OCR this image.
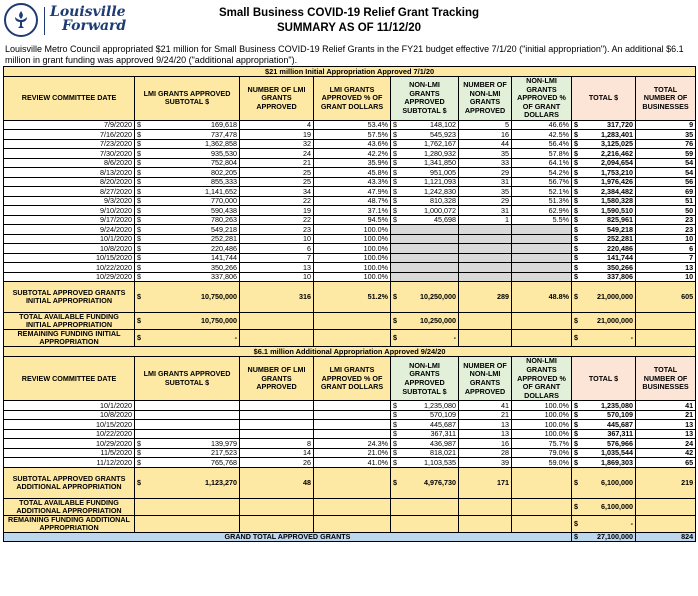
Louisville
Forward
Small Business COVID-19 Relief Grant Tracking
SUMMARY AS OF 11/12/20
Louisville Metro Council appropriated $21 million for Small Business COVID-19 Relief Grants in the FY21 budget effective 7/1/20 ("initial appropriation"). An additional $6.1 million in grant funding was approved 9/24/20 ("additional appropriation").
$21 million Initial Appropriation Approved 7/1/20								
REVIEW COMMITTEE DATE	LMI GRANTS APPROVED SUBTOTAL $	NUMBER OF LMI GRANTS APPROVED	LMI GRANTS APPROVED % OF GRANT DOLLARS	NON-LMI GRANTS APPROVED SUBTOTAL $	NUMBER OF NON-LMI GRANTS APPROVED	NON-LMI GRANTS APPROVED % OF GRANT DOLLARS	TOTAL $	TOTAL NUMBER OF BUSINESSES
7/9/2020	$ 169,618	4	53.4%	$ 148,102	5	46.6%	$ 317,720	9
7/16/2020	$ 737,478	19	57.5%	$ 545,923	16	42.5%	$ 1,283,401	35
7/23/2020	$ 1,362,858	32	43.6%	$ 1,762,167	44	56.4%	$ 3,125,025	76
7/30/2020	$ 935,530	24	42.2%	$ 1,280,932	35	57.8%	$ 2,216,462	59
8/6/2020	$ 752,804	21	35.9%	$ 1,341,850	33	64.1%	$ 2,094,654	54
8/13/2020	$ 802,205	25	45.8%	$ 951,005	29	54.2%	$ 1,753,210	54
8/20/2020	$ 855,333	25	43.3%	$ 1,121,093	31	56.7%	$ 1,976,426	56
8/27/2020	$ 1,141,652	34	47.9%	$ 1,242,830	35	52.1%	$ 2,384,482	69
9/3/2020	$ 770,000	22	48.7%	$ 810,328	29	51.3%	$ 1,580,328	51
9/10/2020	$ 590,438	19	37.1%	$ 1,000,072	31	62.9%	$ 1,590,510	50
9/17/2020	$ 780,263	22	94.5%	$ 45,698	1	5.5%	$ 825,961	23
9/24/2020	$ 549,218	23	100.0%				$ 549,218	23
10/1/2020	$ 252,281	10	100.0%				$ 252,281	10
10/8/2020	$ 220,486	6	100.0%				$ 220,486	6
10/15/2020	$ 141,744	7	100.0%				$ 141,744	7
10/22/2020	$ 350,266	13	100.0%				$ 350,266	13
10/29/2020	$ 337,806	10	100.0%				$ 337,806	10
SUBTOTAL APPROVED GRANTS INITIAL APPROPRIATION	$ 10,750,000	316	51.2%	$ 10,250,000	289	48.8%	$ 21,000,000	605
TOTAL AVAILABLE FUNDING INITIAL APPROPRIATION	$ 10,750,000			$ 10,250,000			$ 21,000,000	
REMAINING FUNDING INITIAL APPROPRIATION	$ -			$ -			$ -	
$6.1 million Additional Appropriation Approved 9/24/20								
REVIEW COMMITTEE DATE	LMI GRANTS APPROVED SUBTOTAL $	NUMBER OF LMI GRANTS APPROVED	LMI GRANTS APPROVED % OF GRANT DOLLARS	NON-LMI GRANTS APPROVED SUBTOTAL $	NUMBER OF NON-LMI GRANTS APPROVED	NON-LMI GRANTS APPROVED % OF GRANT DOLLARS	TOTAL $	TOTAL NUMBER OF BUSINESSES
10/1/2020				$ 1,235,080	41	100.0%	$ 1,235,080	41
10/8/2020				$ 570,109	21	100.0%	$ 570,109	21
10/15/2020				$ 445,687	13	100.0%	$ 445,687	13
10/22/2020				$ 367,311	13	100.0%	$ 367,311	13
10/29/2020	$ 139,979	8	24.3%	$ 436,987	16	75.7%	$ 576,966	24
11/5/2020	$ 217,523	14	21.0%	$ 818,021	28	79.0%	$ 1,035,544	42
11/12/2020	$ 765,768	26	41.0%	$ 1,103,535	39	59.0%	$ 1,869,303	65
SUBTOTAL APPROVED GRANTS ADDITIONAL APPROPRIATION	$ 1,123,270	48		$ 4,976,730	171		$ 6,100,000	219
TOTAL AVAILABLE FUNDING ADDITIONAL APPROPRIATION							$ 6,100,000	
REMAINING FUNDING ADDITIONAL APPROPRIATION							$ -	
GRAND TOTAL APPROVED GRANTS							$ 27,100,000	824
